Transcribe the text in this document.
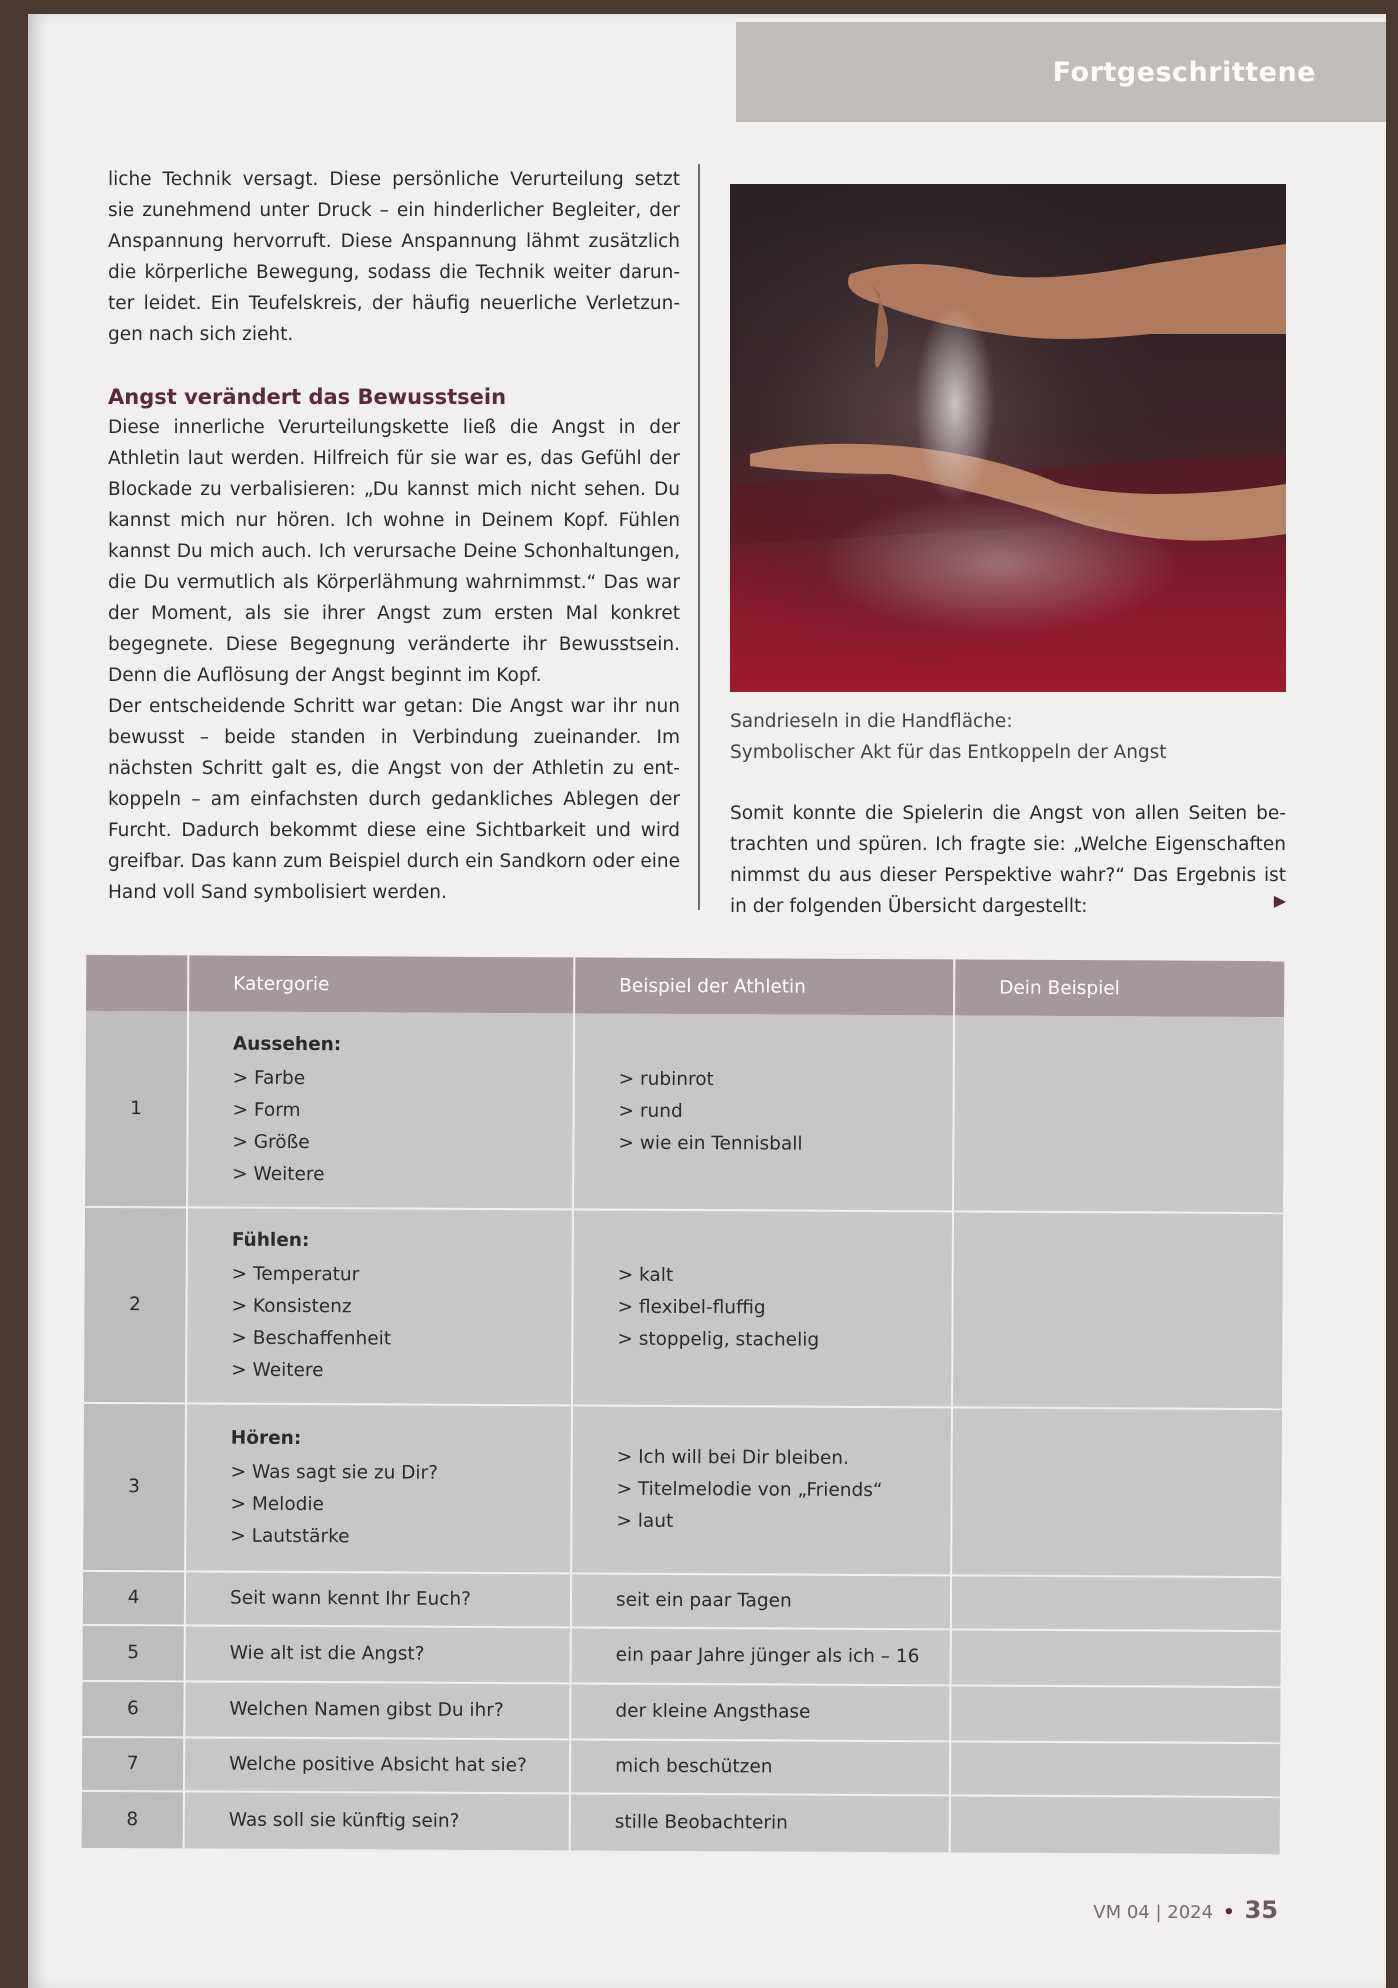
Fortgeschrittene

liche Technik versagt. Diese persönliche Verurteilung setzt sie zunehmend unter Druck – ein hinderlicher Begleiter, der Anspannung hervorruft. Diese Anspannung lähmt zusätzlich die körperliche Bewegung, sodass die Technik weiter darun- ter leidet. Ein Teufelskreis, der häufig neuerliche Verletzun- gen nach sich zieht.

Angst verändert das Bewusstsein

Diese innerliche Verurteilungskette ließ die Angst in der Athletin laut werden. Hilfreich für sie war es, das Gefühl der Blockade zu verbalisieren: „Du kannst mich nicht sehen. Du kannst mich nur hören. Ich wohne in Deinem Kopf. Fühlen kannst Du mich auch. Ich verursache Deine Schonhaltungen, die Du vermutlich als Körperlähmung wahrnimmst.“ Das war der Moment, als sie ihrer Angst zum ersten Mal konkret begegnete. Diese Begegnung veränderte ihr Bewusstsein. Denn die Auflösung der Angst beginnt im Kopf.

Der entscheidende Schritt war getan: Die Angst war ihr nun bewusst – beide standen in Verbindung zueinander. Im nächsten Schritt galt es, die Angst von der Athletin zu ent- koppeln – am einfachsten durch gedankliches Ablegen der Furcht. Dadurch bekommt diese eine Sichtbarkeit und wird greifbar. Das kann zum Beispiel durch ein Sandkorn oder eine Hand voll Sand symbolisiert werden.

Sandrieseln in die Handfläche:

Symbolischer Akt für das Entkoppeln der Angst

Somit konnte die Spielerin die Angst von allen Seiten be- trachten und spüren. Ich fragte sie: „Welche Eigenschaften nimmst du aus dieser Perspektive wahr?“ Das Ergebnis ist in der folgenden Übersicht dargestellt:	▶
	Katergorie	Beispiel der Athletin	Dein Beispiel
1	Aussehen:
> Farbe
> Form
> Größe
> Weitere	> rubinrot
> rund
> wie ein Tennisball	

2	Fühlen:
> Temperatur
> Konsistenz
> Beschaffenheit
> Weitere	> kalt
> flexibel-fluffig
> stoppelig, stachelig	

3	Hören:
> Was sagt sie zu Dir?
> Melodie
> Lautstärke	> Ich will bei Dir bleiben.
> Titelmelodie von „Friends“
> laut	

4	Seit wann kennt Ihr Euch?	seit ein paar Tagen	

5	Wie alt ist die Angst?	ein paar Jahre jünger als ich – 16	

6	Welchen Namen gibst Du ihr?	der kleine Angsthase	

7	Welche positive Absicht hat sie?	mich beschützen	

8	Was soll sie künftig sein?	stille Beobachterin	

VM 04 | 2024 • 35
